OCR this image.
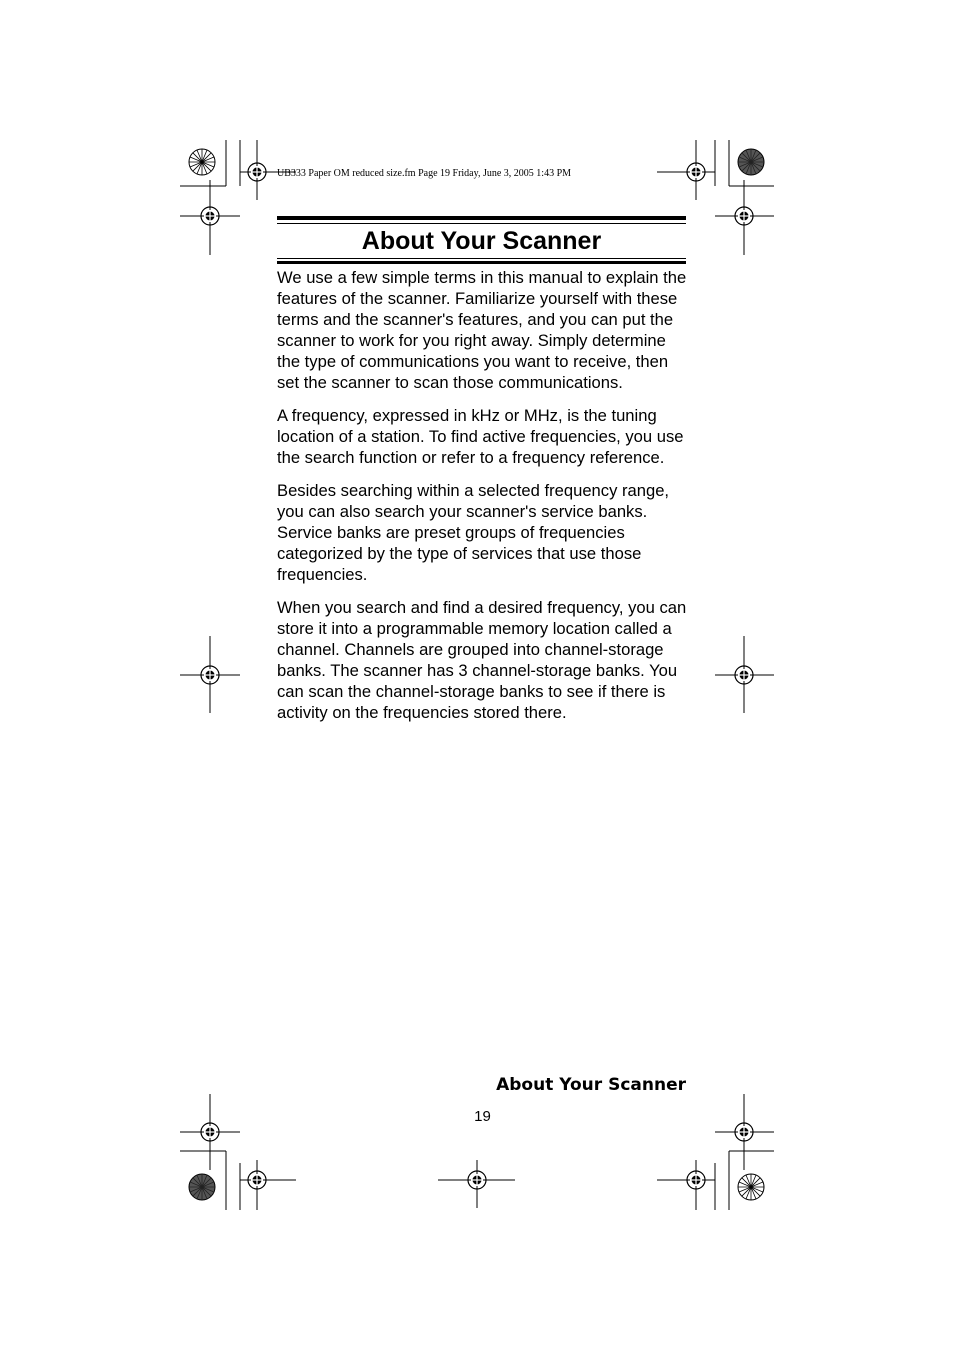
UB333 Paper OM reduced size.fm Page 19 Friday, June 3, 2005 1:43 PM
About Your Scanner

We use a few simple terms in this manual to explain the features of the scanner. Familiarize yourself with these terms and the scanner's features, and you can put the scanner to work for you right away. Simply determine the type of communications you want to receive, then set the scanner to scan those communications.

A frequency, expressed in kHz or MHz, is the tuning location of a station. To find active frequencies, you use the search function or refer to a frequency reference.

Besides searching within a selected frequency range, you can also search your scanner's service banks. Service banks are preset groups of frequencies categorized by the type of services that use those frequencies.

When you search and find a desired frequency, you can store it into a programmable memory location called a channel. Channels are grouped into channel-storage banks. The scanner has 3 channel-storage banks. You can scan the channel-storage banks to see if there is activity on the frequencies stored there.

About Your Scanner
19
